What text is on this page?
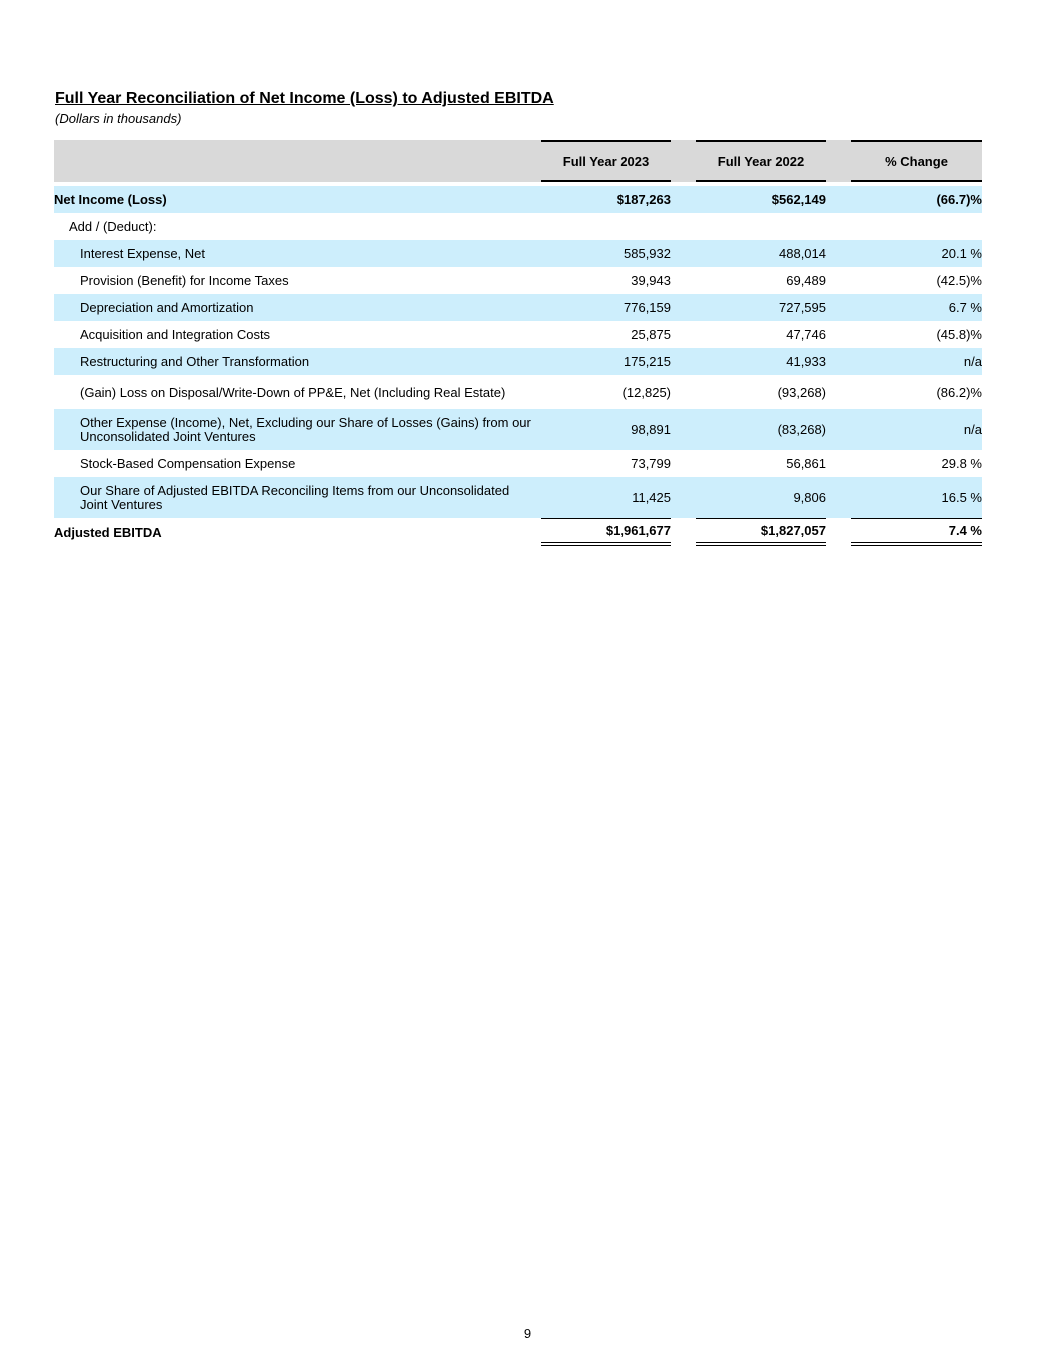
Full Year Reconciliation of Net Income (Loss) to Adjusted EBITDA

(Dollars in thousands)

	Full Year 2023		Full Year 2022		% Change

Net Income (Loss)	$187,263		$562,149		(66.7)%
Add / (Deduct):					
Interest Expense, Net	585,932		488,014		20.1 %
Provision (Benefit) for Income Taxes	39,943		69,489		(42.5)%
Depreciation and Amortization	776,159		727,595		6.7 %
Acquisition and Integration Costs	25,875		47,746		(45.8)%
Restructuring and Other Transformation	175,215		41,933		n/a
(Gain) Loss on Disposal/Write-Down of PP&E, Net (Including Real Estate)	(12,825)		(93,268)		(86.2)%
Other Expense (Income), Net, Excluding our Share of Losses (Gains) from our Unconsolidated Joint Ventures	98,891		(83,268)		n/a
Stock-Based Compensation Expense	73,799		56,861		29.8 %
Our Share of Adjusted EBITDA Reconciling Items from our Unconsolidated Joint Ventures	11,425		9,806		16.5 %
Adjusted EBITDA	$1,961,677		$1,827,057		7.4 %
9
